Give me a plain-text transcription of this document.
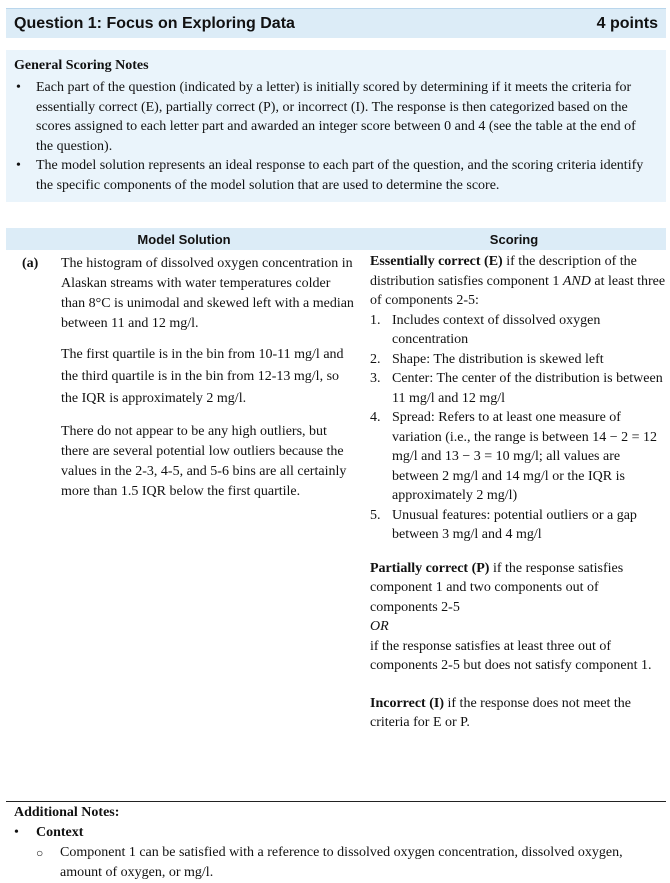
Question 1: Focus on Exploring Data	4 points
General Scoring Notes
• Each part of the question (indicated by a letter) is initially scored by determining if it meets the criteria for essentially correct (E), partially correct (P), or incorrect (I). The response is then categorized based on the scores assigned to each letter part and awarded an integer score between 0 and 4 (see the table at the end of the question).
• The model solution represents an ideal response to each part of the question, and the scoring criteria identify the specific components of the model solution that are used to determine the score.
Model Solution	Scoring
(a) The histogram of dissolved oxygen concentration in Alaskan streams with water temperatures colder than 8°C is unimodal and skewed left with a median between 11 and 12 mg/l.

The first quartile is in the bin from 10-11 mg/l and the third quartile is in the bin from 12-13 mg/l, so the IQR is approximately 2 mg/l.

There do not appear to be any high outliers, but there are several potential low outliers because the values in the 2-3, 4-5, and 5-6 bins are all certainly more than 1.5 IQR below the first quartile.

Essentially correct (E) if the description of the distribution satisfies component 1 AND at least three of components 2-5:

1. Includes context of dissolved oxygen concentration
2. Shape: The distribution is skewed left
3. Center: The center of the distribution is between 11 mg/l and 12 mg/l
4. Spread: Refers to at least one measure of variation (i.e., the range is between 14 − 2 = 12 mg/l and 13 − 3 = 10 mg/l; all values are between 2 mg/l and 14 mg/l or the IQR is approximately 2 mg/l)
5. Unusual features: potential outliers or a gap between 3 mg/l and 4 mg/l

Partially correct (P) if the response satisfies component 1 and two components out of components 2-5

OR

if the response satisfies at least three out of components 2-5 but does not satisfy component 1.

Incorrect (I) if the response does not meet the criteria for E or P.

Additional Notes:
• Context
○ Component 1 can be satisfied with a reference to dissolved oxygen concentration, dissolved oxygen, amount of oxygen, or mg/l.
